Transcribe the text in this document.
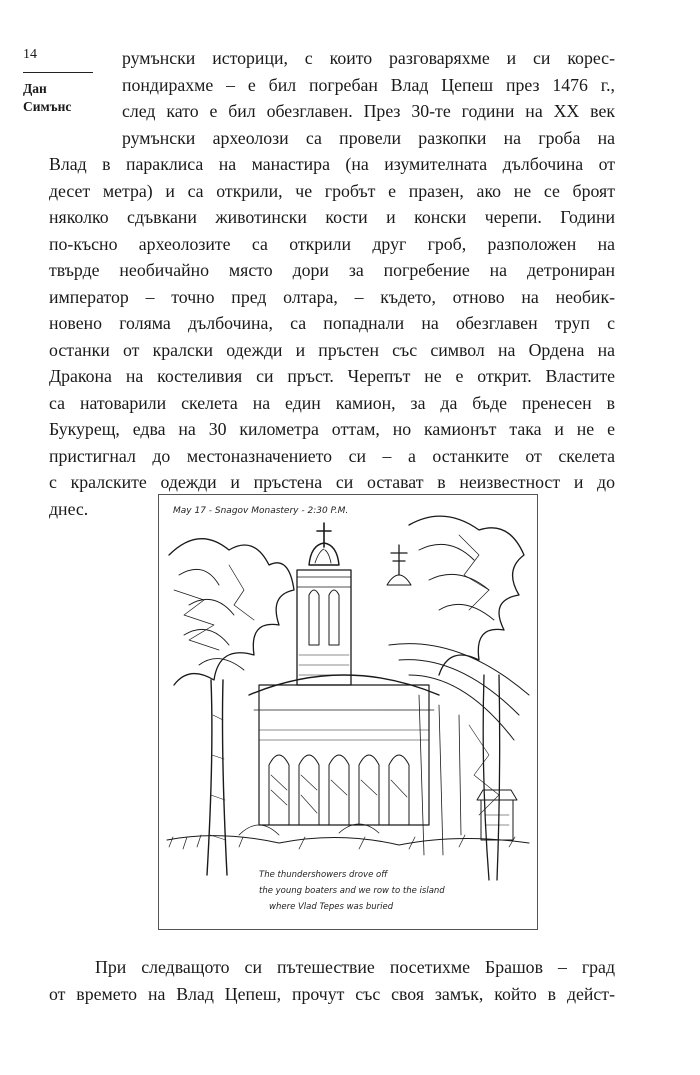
14
Дан
Симънс

румънски историци, с които разговаряхме и си корес-
пондирахме – е бил погребан Влад Цепеш през 1476 г.,
след като е бил обезглавен. През 30-те години на XX век
румънски археолози са провели разкопки на гроба на
Влад в параклиса на манастира (на изумителната дълбочина от
десет метра) и са открили, че гробът е празен, ако не се броят
няколко сдъвкани животински кости и конски черепи. Години
по-късно археолозите са открили друг гроб, разположен на
твърде необичайно място дори за погребение на детрониран
император – точно пред олтара, – където, отново на необик-
новено голяма дълбочина, са попаднали на обезглавен труп с
останки от кралски одежди и пръстен със символ на Ордена на
Дракона на костеливия си пръст. Черепът не е открит. Властите
са натоварили скелета на един камион, за да бъде пренесен в
Букурещ, едва на 30 километра оттам, но камионът така и не е
пристигнал до местоназначението си – а останките от скелета
с кралските одежди и пръстена си остават в неизвестност и до
днес.	May 17 - Snagov Monastery - 2:30 P.M.
The thundershowers drove off
the young boaters and we row to the island
where Vlad Tepes was buried

При следващото си пътешествие посетихме Брашов – град
от времето на Влад Цепеш, прочут със своя замък, който в дейст-
